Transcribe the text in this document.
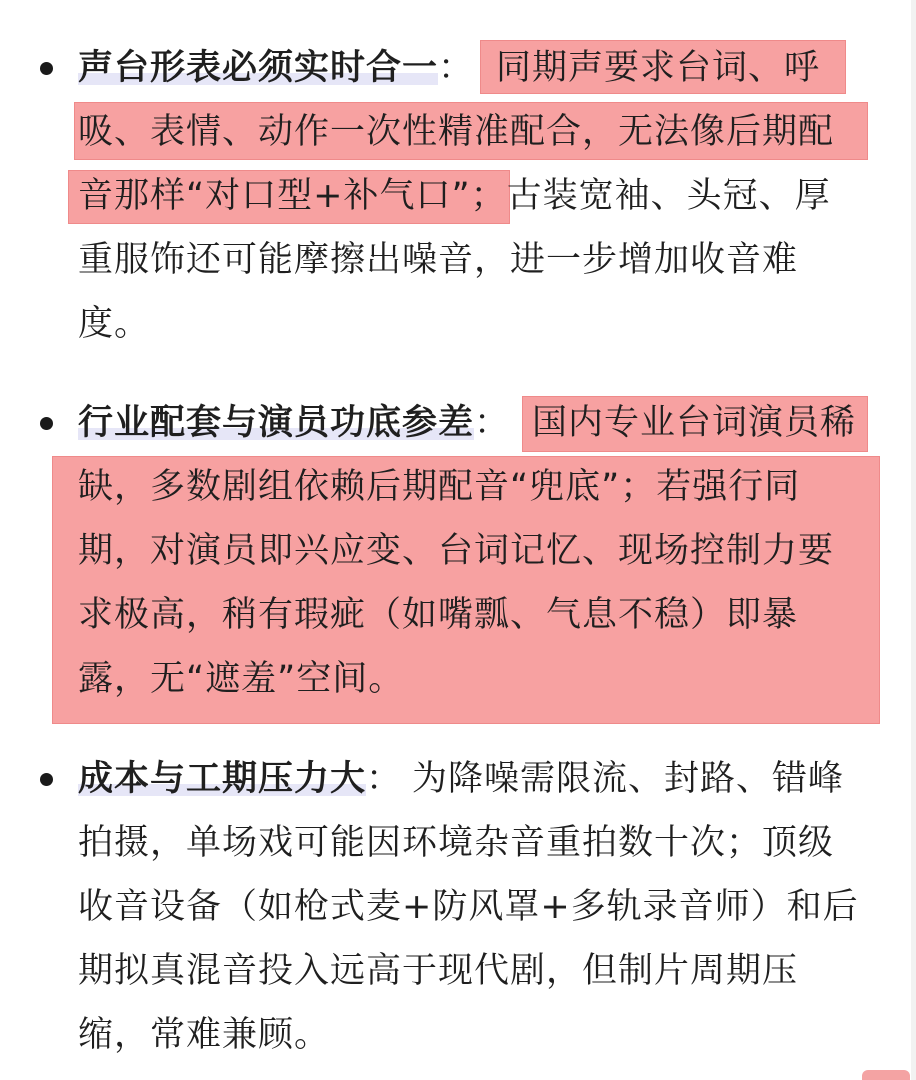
声台形表必须实时合一： 同期声要求台词、呼
吸、表情、动作一次性精准配合，无法像后期配
音那样“对口型+补气口”；古装宽袖、头冠、厚
重服饰还可能摩擦出噪音，进一步增加收音难
度。
行业配套与演员功底参差： 国内专业台词演员稀
缺，多数剧组依赖后期配音“兜底”；若强行同
期，对演员即兴应变、台词记忆、现场控制力要
求极高，稍有瑕疵（如嘴瓢、气息不稳）即暴
露，无“遮羞”空间。
成本与工期压力大： 为降噪需限流、封路、错峰
拍摄，单场戏可能因环境杂音重拍数十次；顶级
收音设备（如枪式麦+防风罩+多轨录音师）和后
期拟真混音投入远高于现代剧，但制片周期压
缩，常难兼顾。
